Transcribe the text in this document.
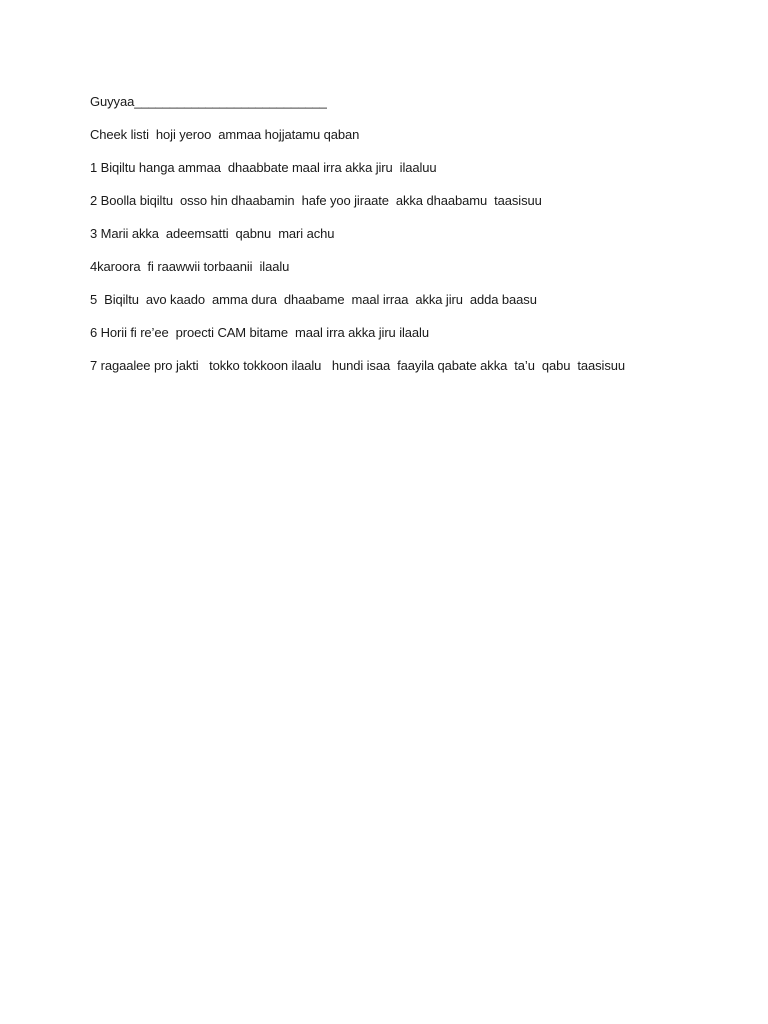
Guyyaa___________________________
Cheek listi  hoji yeroo  ammaa hojjatamu qaban
1 Biqiltu hanga ammaa  dhaabbate maal irra akka jiru  ilaaluu
2 Boolla biqiltu  osso hin dhaabamin  hafe yoo jiraate  akka dhaabamu  taasisuu
3 Marii akka  adeemsatti  qabnu  mari achu
4karoora  fi raawwii torbaanii  ilaalu
5  Biqiltu  avo kaado  amma dura  dhaabame  maal irraa  akka jiru  adda baasu
6 Horii fi re’ee  proecti CAM bitame  maal irra akka jiru ilaalu
7 ragaalee pro jakti   tokko tokkoon ilaalu   hundi isaa  faayila qabate akka  ta’u  qabu  taasisuu
